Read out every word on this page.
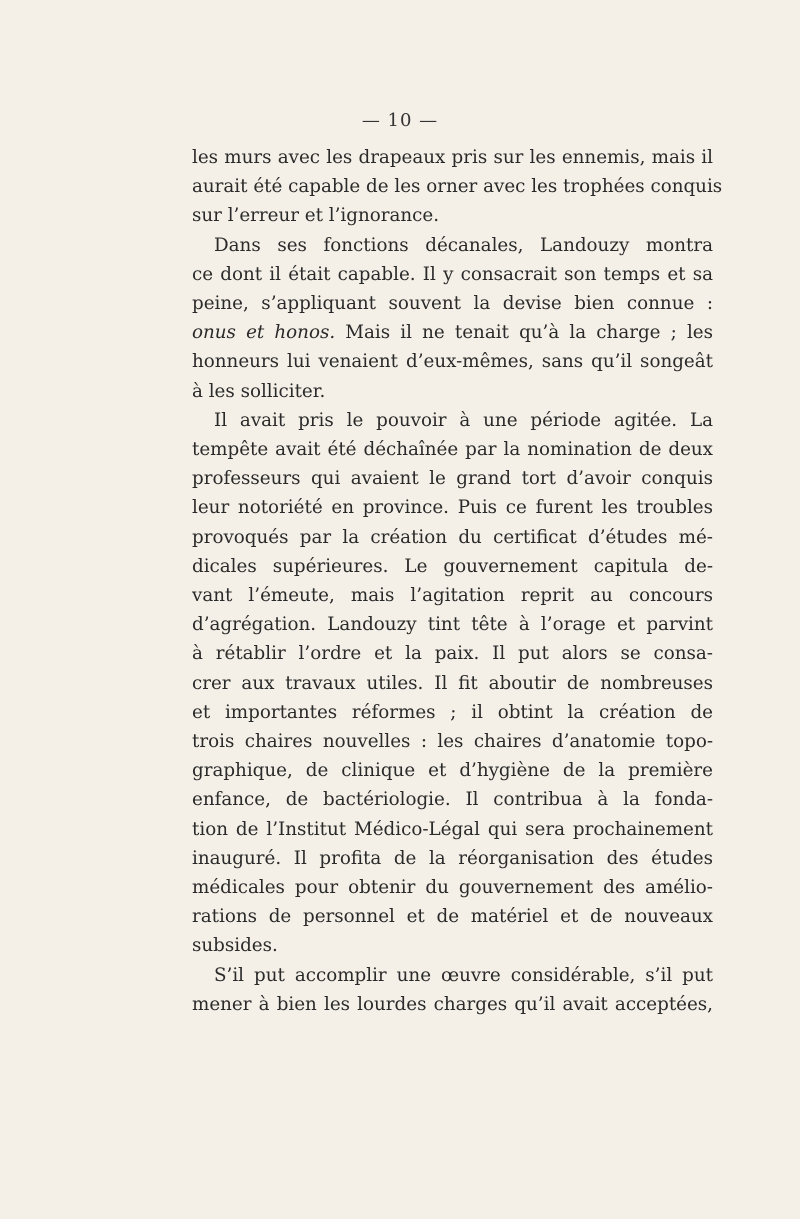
— 10 —
les murs avec les drapeaux pris sur les ennemis, mais il
aurait été capable de les orner avec les trophées conquis
sur l’erreur et l’ignorance.
Dans ses fonctions décanales, Landouzy montra
ce dont il était capable. Il y consacrait son temps et sa
peine, s’appliquant souvent la devise bien connue :
onus et honos. Mais il ne tenait qu’à la charge ; les
honneurs lui venaient d’eux-mêmes, sans qu’il songeât
à les solliciter.
Il avait pris le pouvoir à une période agitée. La
tempête avait été déchaînée par la nomination de deux
professeurs qui avaient le grand tort d’avoir conquis
leur notoriété en province. Puis ce furent les troubles
provoqués par la création du certificat d’études mé-
dicales supérieures. Le gouvernement capitula de-
vant l’émeute, mais l’agitation reprit au concours
d’agrégation. Landouzy tint tête à l’orage et parvint
à rétablir l’ordre et la paix. Il put alors se consa-
crer aux travaux utiles. Il fit aboutir de nombreuses
et importantes réformes ; il obtint la création de
trois chaires nouvelles : les chaires d’anatomie topo-
graphique, de clinique et d’hygiène de la première
enfance, de bactériologie. Il contribua à la fonda-
tion de l’Institut Médico-Légal qui sera prochainement
inauguré. Il profita de la réorganisation des études
médicales pour obtenir du gouvernement des amélio-
rations de personnel et de matériel et de nouveaux
subsides.
S’il put accomplir une œuvre considérable, s’il put
mener à bien les lourdes charges qu’il avait acceptées,
